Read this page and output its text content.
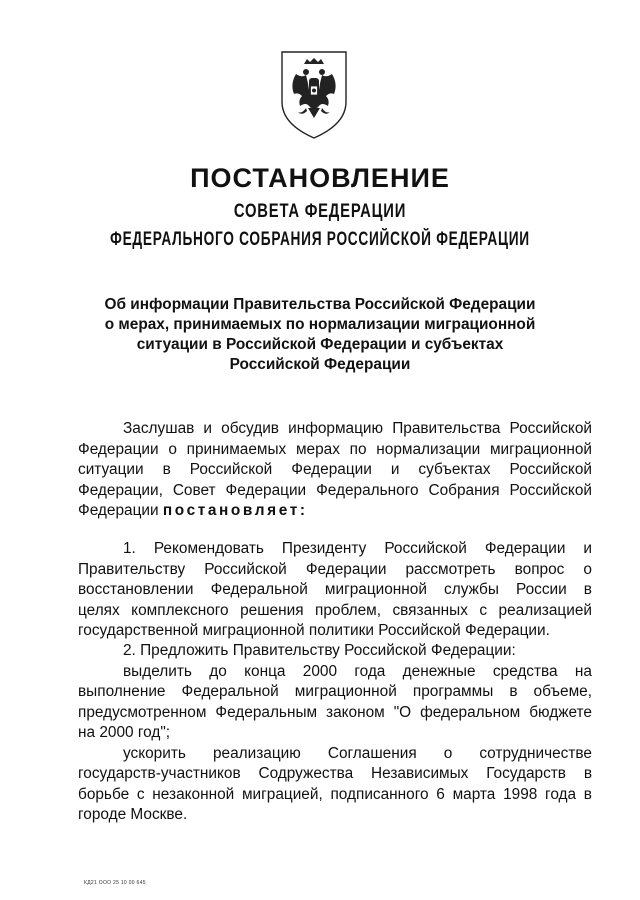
ПОСТАНОВЛЕНИЕ
СОВЕТА ФЕДЕРАЦИИ
ФЕДЕРАЛЬНОГО СОБРАНИЯ РОССИЙСКОЙ ФЕДЕРАЦИИ
Об информации Правительства Российской Федерации
о мерах, принимаемых по нормализации миграционной
ситуации в Российской Федерации и субъектах
Российской Федерации
Заслушав и обсудив информацию Правительства Российской
Федерации о принимаемых мерах по нормализации миграционной
ситуации в Российской Федерации и субъектах Российской
Федерации, Совет Федерации Федерального Собрания Российской
Федерации постановляет:
1. Рекомендовать Президенту Российской Федерации и
Правительству Российской Федерации рассмотреть вопрос о
восстановлении Федеральной миграционной службы России в
целях комплексного решения проблем, связанных с реализацией
государственной миграционной политики Российской Федерации.
2. Предложить Правительству Российской Федерации:
выделить до конца 2000 года денежные средства на
выполнение Федеральной миграционной программы в объеме,
предусмотренном Федеральным законом "О федеральном бюджете
на 2000 год";
ускорить реализацию Соглашения о сотрудничестве
государств-участников Содружества Независимых Государств в
борьбе с незаконной миграцией, подписанного 6 марта 1998 года в
городе Москве.
КД21 ООО 25 10 00 645
